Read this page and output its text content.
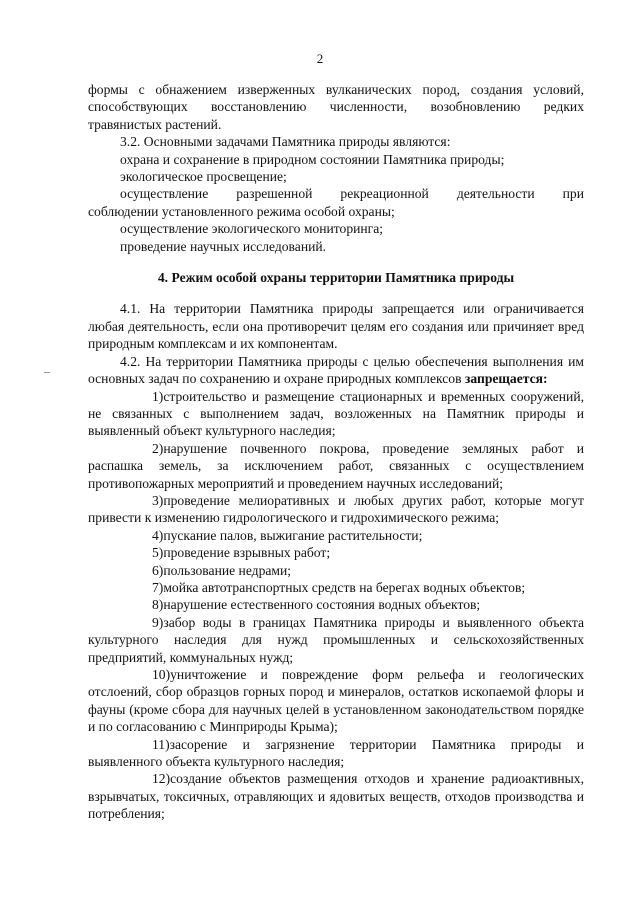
2

формы с обнажением изверженных вулканических пород, создания условий,

способствующих восстановлению численности, возобновлению редких

травянистых растений.

3.2. Основными задачами Памятника природы являются:

охрана и сохранение в природном состоянии Памятника природы;

экологическое просвещение;

осуществление разрешенной рекреационной деятельности при

соблюдении установленного режима особой охраны;

осуществление экологического мониторинга;

проведение научных исследований.

4. Режим особой охраны территории Памятника природы

4.1. На территории Памятника природы запрещается или ограничивается любая деятельность, если она противоречит целям его создания или причиняет вред природным комплексам и их компонентам.

4.2. На территории Памятника природы с целью обеспечения выполнения им основных задач по сохранению и охране природных комплексов запрещается:

1)строительство и размещение стационарных и временных сооружений, не связанных с выполнением задач, возложенных на Памятник природы и выявленный объект культурного наследия;

2)нарушение почвенного покрова, проведение земляных работ и распашка земель, за исключением работ, связанных с осуществлением противопожарных мероприятий и проведением научных исследований;

3)проведение мелиоративных и любых других работ, которые могут привести к изменению гидрологического и гидрохимического режима;

4)пускание палов, выжигание растительности;

5)проведение взрывных работ;

6)пользование недрами;

7)мойка автотранспортных средств на берегах водных объектов;

8)нарушение естественного состояния водных объектов;

9)забор воды в границах Памятника природы и выявленного объекта культурного наследия для нужд промышленных и сельскохозяйственных предприятий, коммунальных нужд;

10)уничтожение и повреждение форм рельефа и геологических отслоений, сбор образцов горных пород и минералов, остатков ископаемой флоры и фауны (кроме сбора для научных целей в установленном законодательством порядке и по согласованию с Минприроды Крыма);

11)засорение и загрязнение территории Памятника природы и выявленного объекта культурного наследия;

12)создание объектов размещения отходов и хранение радиоактивных, взрывчатых, токсичных, отравляющих и ядовитых веществ, отходов производства и потребления;
